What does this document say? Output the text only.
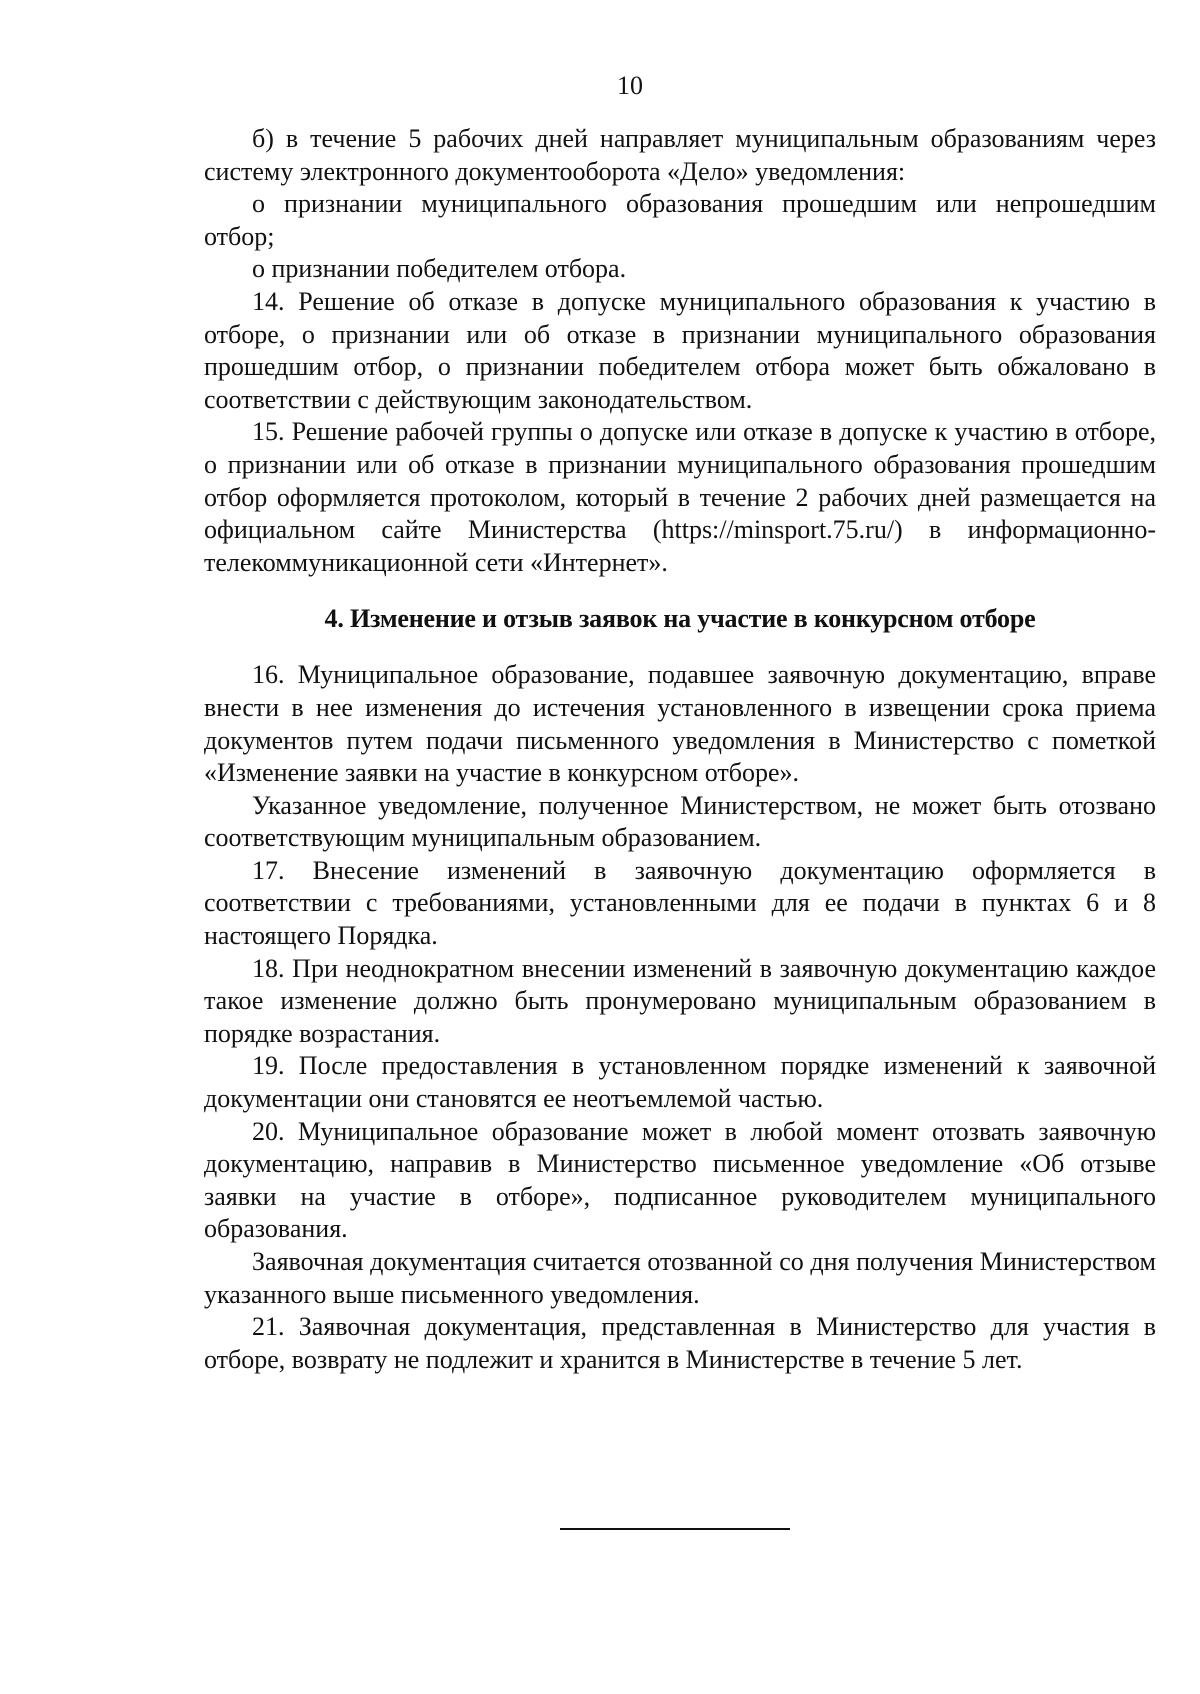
10

б) в течение 5 рабочих дней направляет муниципальным образованиям через систему электронного документооборота «Дело» уведомления:

о признании муниципального образования прошедшим или непрошедшим отбор;

о признании победителем отбора.

14. Решение об отказе в допуске муниципального образования к участию в отборе, о признании или об отказе в признании муниципального образования прошедшим отбор, о признании победителем отбора может быть обжаловано в соответствии с действующим законодательством.

15. Решение рабочей группы о допуске или отказе в допуске к участию в отборе, о признании или об отказе в признании муниципального образования прошедшим отбор оформляется протоколом, который в течение 2 рабочих дней размещается на официальном сайте Министерства (https://minsport.75.ru/) в информационно-телекоммуникационной сети «Интернет».

4. Изменение и отзыв заявок на участие в конкурсном отборе

16. Муниципальное образование, подавшее заявочную документацию, вправе внести в нее изменения до истечения установленного в извещении срока приема документов путем подачи письменного уведомления в Министерство с пометкой «Изменение заявки на участие в конкурсном отборе».

Указанное уведомление, полученное Министерством, не может быть отозвано соответствующим муниципальным образованием.

17. Внесение изменений в заявочную документацию оформляется в соответствии с требованиями, установленными для ее подачи в пунктах 6 и 8 настоящего Порядка.

18. При неоднократном внесении изменений в заявочную документацию каждое такое изменение должно быть пронумеровано муниципальным образованием в порядке возрастания.

19. После предоставления в установленном порядке изменений к заявочной документации они становятся ее неотъемлемой частью.

20. Муниципальное образование может в любой момент отозвать заявочную документацию, направив в Министерство письменное уведомление «Об отзыве заявки на участие в отборе», подписанное руководителем муниципального образования.

Заявочная документация считается отозванной со дня получения Министерством указанного выше письменного уведомления.

21. Заявочная документация, представленная в Министерство для участия в отборе, возврату не подлежит и хранится в Министерстве в течение 5 лет.
